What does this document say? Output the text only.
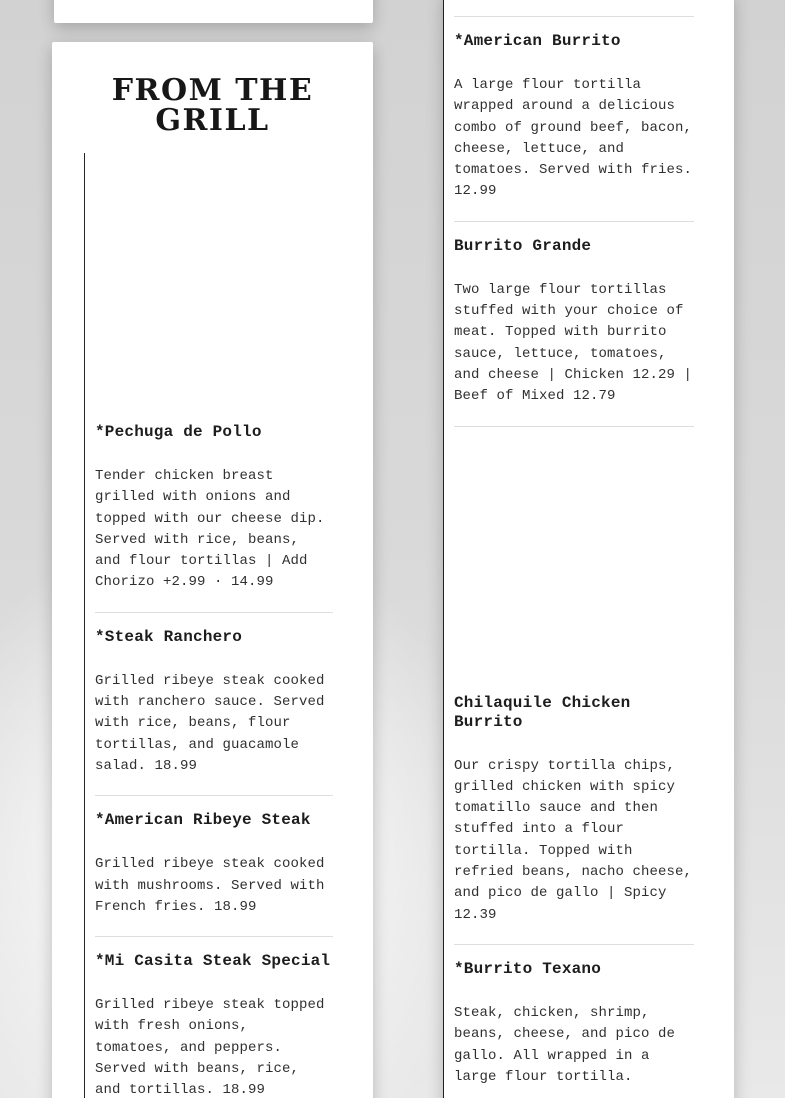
FROM THE GRILL
*Pechuga de Pollo

Tender chicken breast grilled with onions and topped with our cheese dip. Served with rice, beans, and flour tortillas | Add Chorizo +2.99 · 14.99

*Steak Ranchero

Grilled ribeye steak cooked with ranchero sauce. Served with rice, beans, flour tortillas, and guacamole salad. 18.99

*American Ribeye Steak

Grilled ribeye steak cooked with mushrooms. Served with French fries. 18.99

*Mi Casita Steak Special

Grilled ribeye steak topped with fresh onions, tomatoes, and peppers. Served with beans, rice, and tortillas. 18.99

*American Burrito

A large flour tortilla wrapped around a delicious combo of ground beef, bacon, cheese, lettuce, and tomatoes. Served with fries. 12.99

Burrito Grande

Two large flour tortillas stuffed with your choice of meat. Topped with burrito sauce, lettuce, tomatoes, and cheese | Chicken 12.29 | Beef of Mixed 12.79

Chilaquile Chicken Burrito

Our crispy tortilla chips, grilled chicken with spicy tomatillo sauce and then stuffed into a flour tortilla. Topped with refried beans, nacho cheese, and pico de gallo | Spicy 12.39

*Burrito Texano

Steak, chicken, shrimp, beans, cheese, and pico de gallo. All wrapped in a large flour tortilla.
